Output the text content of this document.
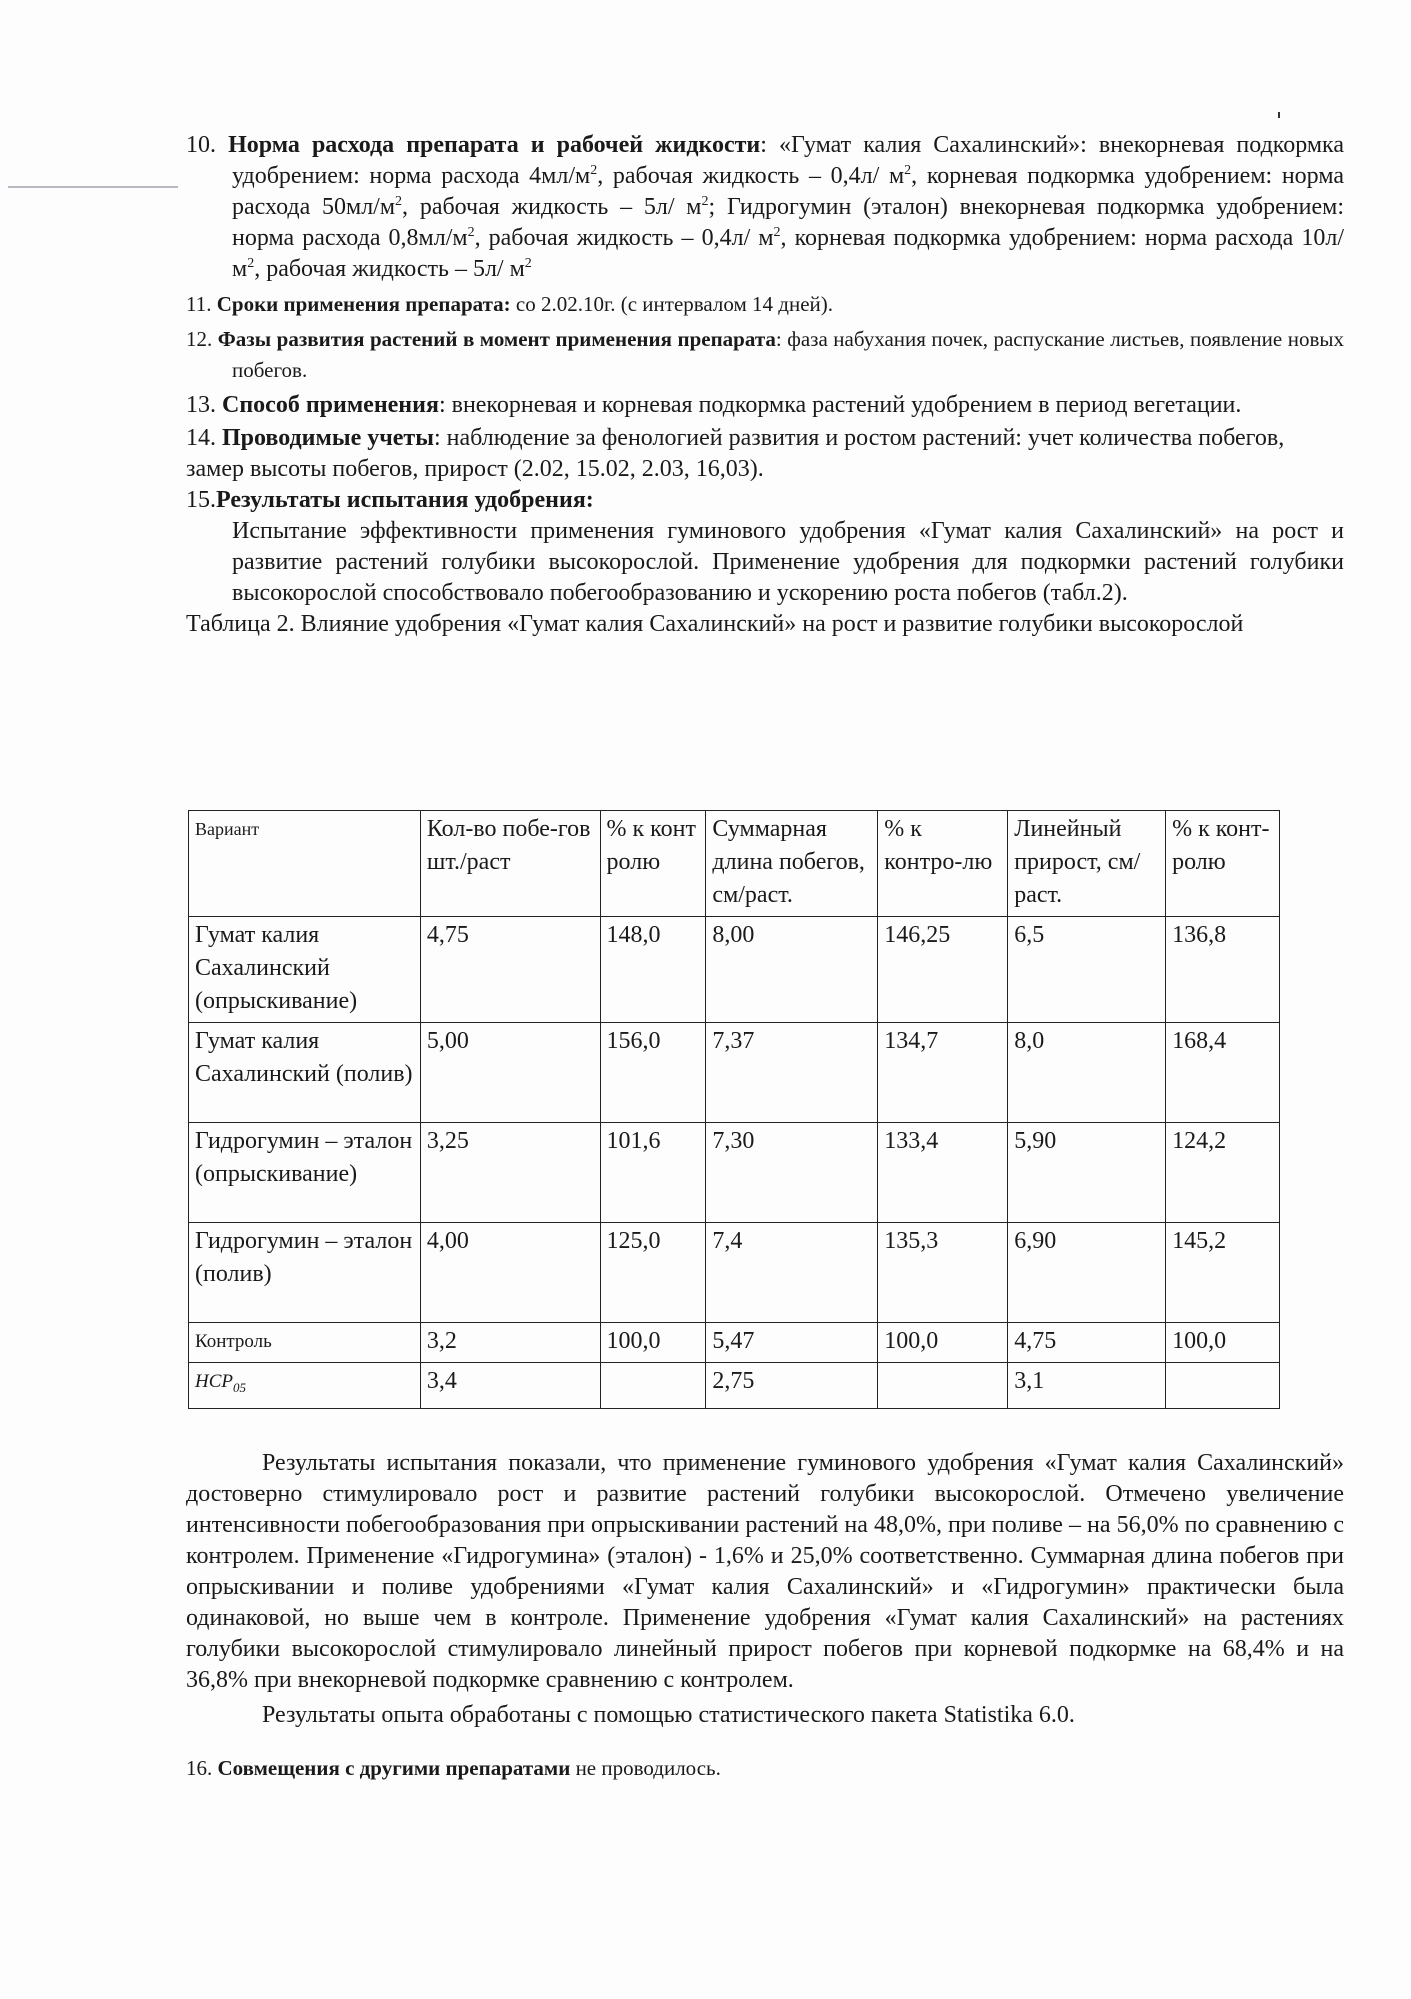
10. Норма расхода препарата и рабочей жидкости: «Гумат калия Сахалинский»: внекорневая подкормка удобрением: норма расхода $4мл/м^2$, рабочая жидкость – 0,4л/ $м^2$, корневая подкормка удобрением: норма расхода $50мл/м^2$, рабочая жидкость – 5л/ $м^2$; Гидрогумин (эталон) внекорневая подкормка удобрением: норма расхода $0,8мл/м^2$, рабочая жидкость – 0,4л/ $м^2$, корневая подкормка удобрением: норма расхода $10л/м^2$, рабочая жидкость – 5л/ $м^2$
11. Сроки применения препарата: со 2.02.10г. (с интервалом 14 дней).
12. Фазы развития растений в момент применения препарата: фаза набухания почек, распускание листьев, появление новых побегов.
13. Способ применения: внекорневая и корневая подкормка растений удобрением в период вегетации.
14. Проводимые учеты: наблюдение за фенологией развития и ростом растений: учет количества побегов, замер высоты побегов, прирост (2.02, 15.02, 2.03, 16,03).
15.Результаты испытания удобрения:
Испытание эффективности применения гуминового удобрения «Гумат калия Сахалинский» на рост и развитие растений голубики высокорослой. Применение удобрения для подкормки растений голубики высокорослой способствовало побегообразованию и ускорению роста побегов (табл.2).
Таблица 2. Влияние удобрения «Гумат калия Сахалинский» на рост и развитие голубики высокорослой
Вариант	Кол-во побе-гов шт./раст	% к конт ролю	Суммарная длина побегов, см/раст.	% к контро-лю	Линейный прирост, см/раст.	% к конт-ролю
Гумат калия Сахалинский (опрыскивание)	4,75	148,0	8,00	146,25	6,5	136,8
Гумат калия Сахалинский (полив)	5,00	156,0	7,37	134,7	8,0	168,4
Гидрогумин – эталон (опрыскивание)	3,25	101,6	7,30	133,4	5,90	124,2
Гидрогумин – эталон (полив)	4,00	125,0	7,4	135,3	6,90	145,2
Контроль	3,2	100,0	5,47	100,0	4,75	100,0
$НСР_{05}$	3,4		2,75		3,1	
Результаты испытания показали, что применение гуминового удобрения «Гумат калия Сахалинский» достоверно стимулировало рост и развитие растений голубики высокорослой. Отмечено увеличение интенсивности побегообразования при опрыскивании растений на 48,0%, при поливе – на 56,0% по сравнению с контролем. Применение «Гидрогумина» (эталон) - 1,6% и 25,0% соответственно. Суммарная длина побегов при опрыскивании и поливе удобрениями «Гумат калия Сахалинский» и «Гидрогумин» практически была одинаковой, но выше чем в контроле. Применение удобрения «Гумат калия Сахалинский» на растениях голубики высокорослой стимулировало линейный прирост побегов при корневой подкормке на 68,4% и на 36,8% при внекорневой подкормке сравнению с контролем.
Результаты опыта обработаны с помощью статистического пакета Statistika 6.0.
16. Совмещения с другими препаратами не проводилось.
